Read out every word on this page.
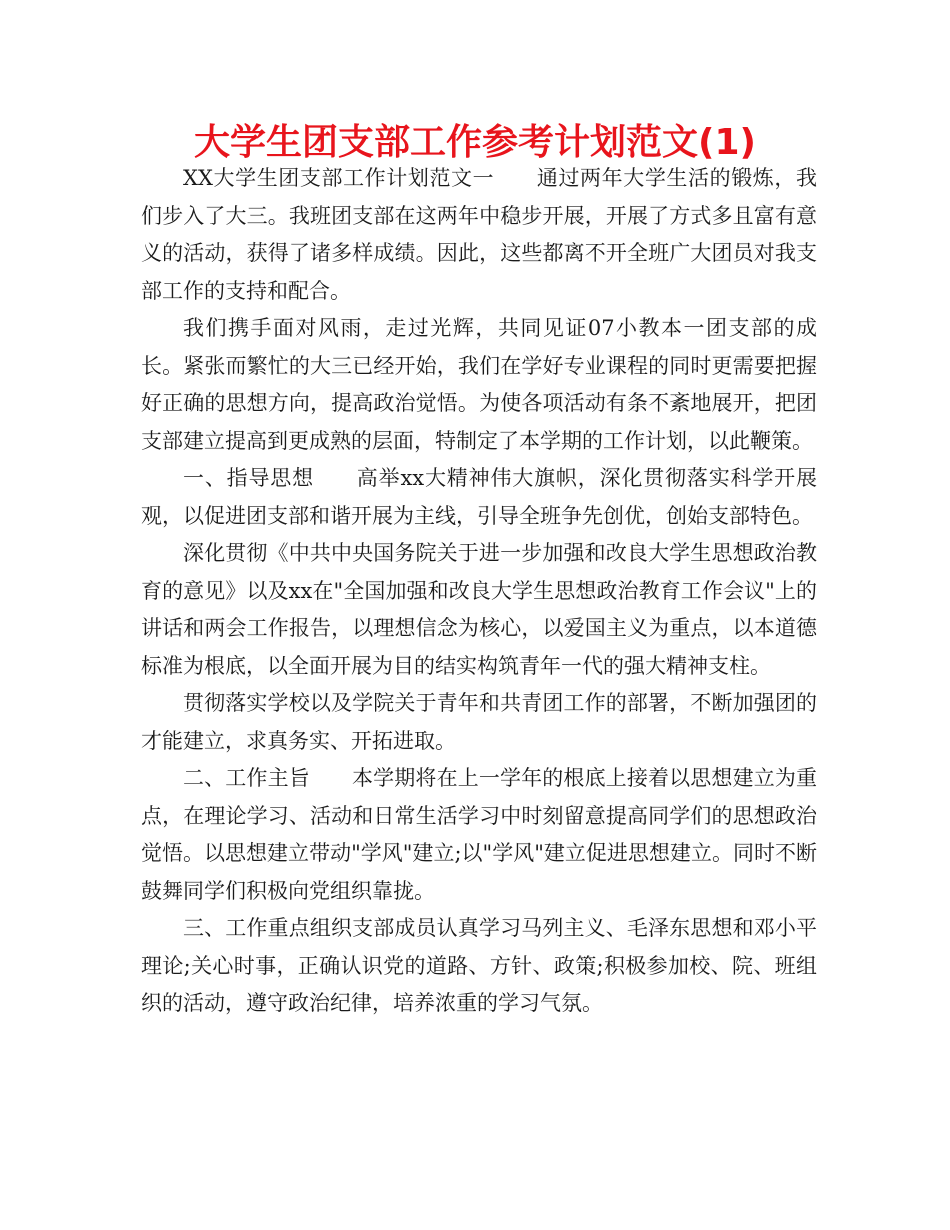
大学生团支部工作参考计划范文(1)

XX大学生团支部工作计划范文一 通过两年大学生活的锻炼，我们步入了大三。我班团支部在这两年中稳步开展，开展了方式多且富有意义的活动，获得了诸多样成绩。因此，这些都离不开全班广大团员对我支部工作的支持和配合。

我们携手面对风雨，走过光辉，共同见证07小教本一团支部的成长。紧张而繁忙的大三已经开始，我们在学好专业课程的同时更需要把握好正确的思想方向，提高政治觉悟。为使各项活动有条不紊地展开，把团支部建立提高到更成熟的层面，特制定了本学期的工作计划，以此鞭策。

一、指导思想 高举xx大精神伟大旗帜，深化贯彻落实科学开展观，以促进团支部和谐开展为主线，引导全班争先创优，创始支部特色。

深化贯彻《中共中央国务院关于进一步加强和改良大学生思想政治教育的意见》以及xx在"全国加强和改良大学生思想政治教育工作会议"上的讲话和两会工作报告，以理想信念为核心，以爱国主义为重点，以本道德标准为根底，以全面开展为目的结实构筑青年一代的强大精神支柱。

贯彻落实学校以及学院关于青年和共青团工作的部署，不断加强团的才能建立，求真务实、开拓进取。

二、工作主旨 本学期将在上一学年的根底上接着以思想建立为重点，在理论学习、活动和日常生活学习中时刻留意提高同学们的思想政治觉悟。以思想建立带动"学风"建立;以"学风"建立促进思想建立。同时不断鼓舞同学们积极向党组织靠拢。

三、工作重点组织支部成员认真学习马列主义、毛泽东思想和邓小平理论;关心时事，正确认识党的道路、方针、政策;积极参加校、院、班组织的活动，遵守政治纪律，培养浓重的学习气氛。
